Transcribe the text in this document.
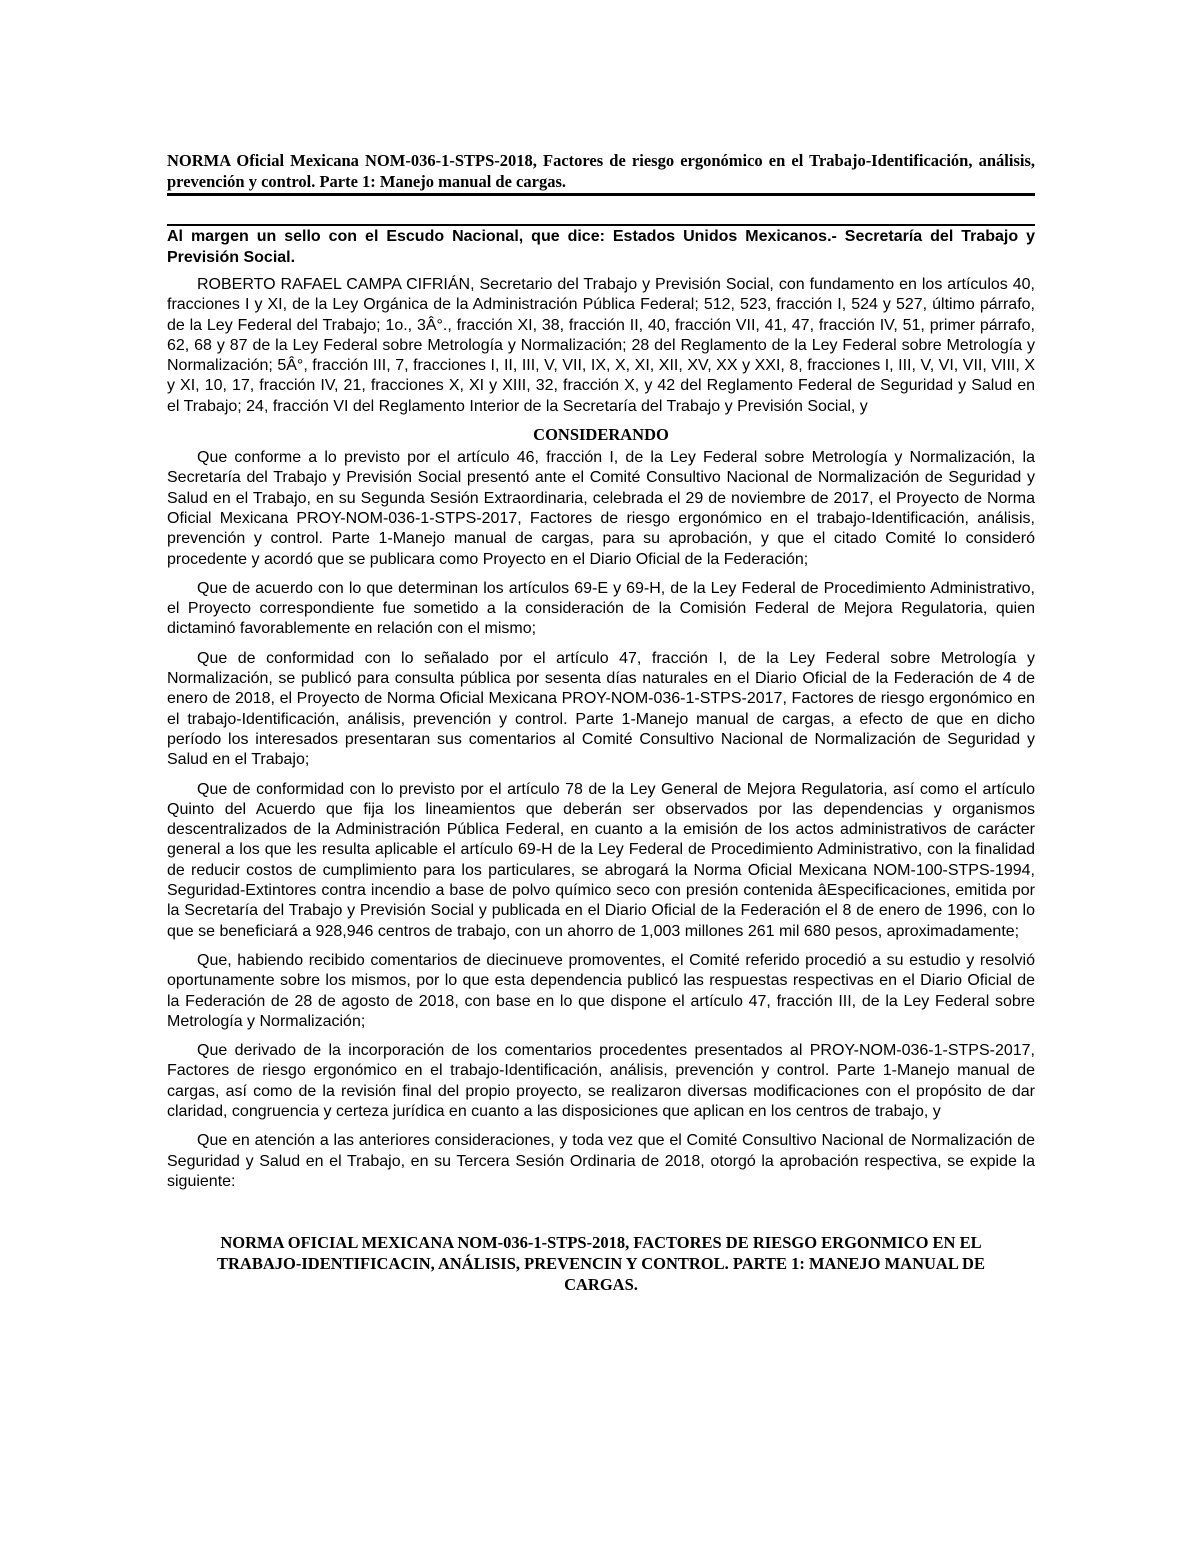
NORMA Oficial Mexicana NOM-036-1-STPS-2018, Factores de riesgo ergonómico en el Trabajo-Identificación, análisis, prevención y control. Parte 1: Manejo manual de cargas.
Al margen un sello con el Escudo Nacional, que dice: Estados Unidos Mexicanos.- Secretaría del Trabajo y Previsión Social.

ROBERTO RAFAEL CAMPA CIFRIÁN, Secretario del Trabajo y Previsión Social, con fundamento en los artículos 40, fracciones I y XI, de la Ley Orgánica de la Administración Pública Federal; 512, 523, fracción I, 524 y 527, último párrafo, de la Ley Federal del Trabajo; 1o., 3Â°., fracción XI, 38, fracción II, 40, fracción VII, 41, 47, fracción IV, 51, primer párrafo, 62, 68 y 87 de la Ley Federal sobre Metrología y Normalización; 28 del Reglamento de la Ley Federal sobre Metrología y Normalización; 5Â°, fracción III, 7, fracciones I, II, III, V, VII, IX, X, XI, XII, XV, XX y XXI, 8, fracciones I, III, V, VI, VII, VIII, X y XI, 10, 17, fracción IV, 21, fracciones X, XI y XIII, 32, fracción X, y 42 del Reglamento Federal de Seguridad y Salud en el Trabajo; 24, fracción VI del Reglamento Interior de la Secretaría del Trabajo y Previsión Social, y

CONSIDERANDO

Que conforme a lo previsto por el artículo 46, fracción I, de la Ley Federal sobre Metrología y Normalización, la Secretaría del Trabajo y Previsión Social presentó ante el Comité Consultivo Nacional de Normalización de Seguridad y Salud en el Trabajo, en su Segunda Sesión Extraordinaria, celebrada el 29 de noviembre de 2017, el Proyecto de Norma Oficial Mexicana PROY-NOM-036-1-STPS-2017, Factores de riesgo ergonómico en el trabajo-Identificación, análisis, prevención y control. Parte 1-Manejo manual de cargas, para su aprobación, y que el citado Comité lo consideró procedente y acordó que se publicara como Proyecto en el Diario Oficial de la Federación;

Que de acuerdo con lo que determinan los artículos 69-E y 69-H, de la Ley Federal de Procedimiento Administrativo, el Proyecto correspondiente fue sometido a la consideración de la Comisión Federal de Mejora Regulatoria, quien dictaminó favorablemente en relación con el mismo;

Que de conformidad con lo señalado por el artículo 47, fracción I, de la Ley Federal sobre Metrología y Normalización, se publicó para consulta pública por sesenta días naturales en el Diario Oficial de la Federación de 4 de enero de 2018, el Proyecto de Norma Oficial Mexicana PROY-NOM-036-1-STPS-2017, Factores de riesgo ergonómico en el trabajo-Identificación, análisis, prevención y control. Parte 1-Manejo manual de cargas, a efecto de que en dicho período los interesados presentaran sus comentarios al Comité Consultivo Nacional de Normalización de Seguridad y Salud en el Trabajo;

Que de conformidad con lo previsto por el artículo 78 de la Ley General de Mejora Regulatoria, así como el artículo Quinto del Acuerdo que fija los lineamientos que deberán ser observados por las dependencias y organismos descentralizados de la Administración Pública Federal, en cuanto a la emisión de los actos administrativos de carácter general a los que les resulta aplicable el artículo 69-H de la Ley Federal de Procedimiento Administrativo, con la finalidad de reducir costos de cumplimiento para los particulares, se abrogará la Norma Oficial Mexicana NOM-100-STPS-1994, Seguridad-Extintores contra incendio a base de polvo químico seco con presión contenida âEspecificaciones, emitida por la Secretaría del Trabajo y Previsión Social y publicada en el Diario Oficial de la Federación el 8 de enero de 1996, con lo que se beneficiará a 928,946 centros de trabajo, con un ahorro de 1,003 millones 261 mil 680 pesos, aproximadamente;

Que, habiendo recibido comentarios de diecinueve promoventes, el Comité referido procedió a su estudio y resolvió oportunamente sobre los mismos, por lo que esta dependencia publicó las respuestas respectivas en el Diario Oficial de la Federación de 28 de agosto de 2018, con base en lo que dispone el artículo 47, fracción III, de la Ley Federal sobre Metrología y Normalización;

Que derivado de la incorporación de los comentarios procedentes presentados al PROY-NOM-036-1-STPS-2017, Factores de riesgo ergonómico en el trabajo-Identificación, análisis, prevención y control. Parte 1-Manejo manual de cargas, así como de la revisión final del propio proyecto, se realizaron diversas modificaciones con el propósito de dar claridad, congruencia y certeza jurídica en cuanto a las disposiciones que aplican en los centros de trabajo, y

Que en atención a las anteriores consideraciones, y toda vez que el Comité Consultivo Nacional de Normalización de Seguridad y Salud en el Trabajo, en su Tercera Sesión Ordinaria de 2018, otorgó la aprobación respectiva, se expide la siguiente:

NORMA OFICIAL MEXICANA NOM-036-1-STPS-2018, FACTORES DE RIESGO ERGONMICO EN EL TRABAJO-IDENTIFICACIN, ANÁLISIS, PREVENCIN Y CONTROL. PARTE 1: MANEJO MANUAL DE CARGAS.
